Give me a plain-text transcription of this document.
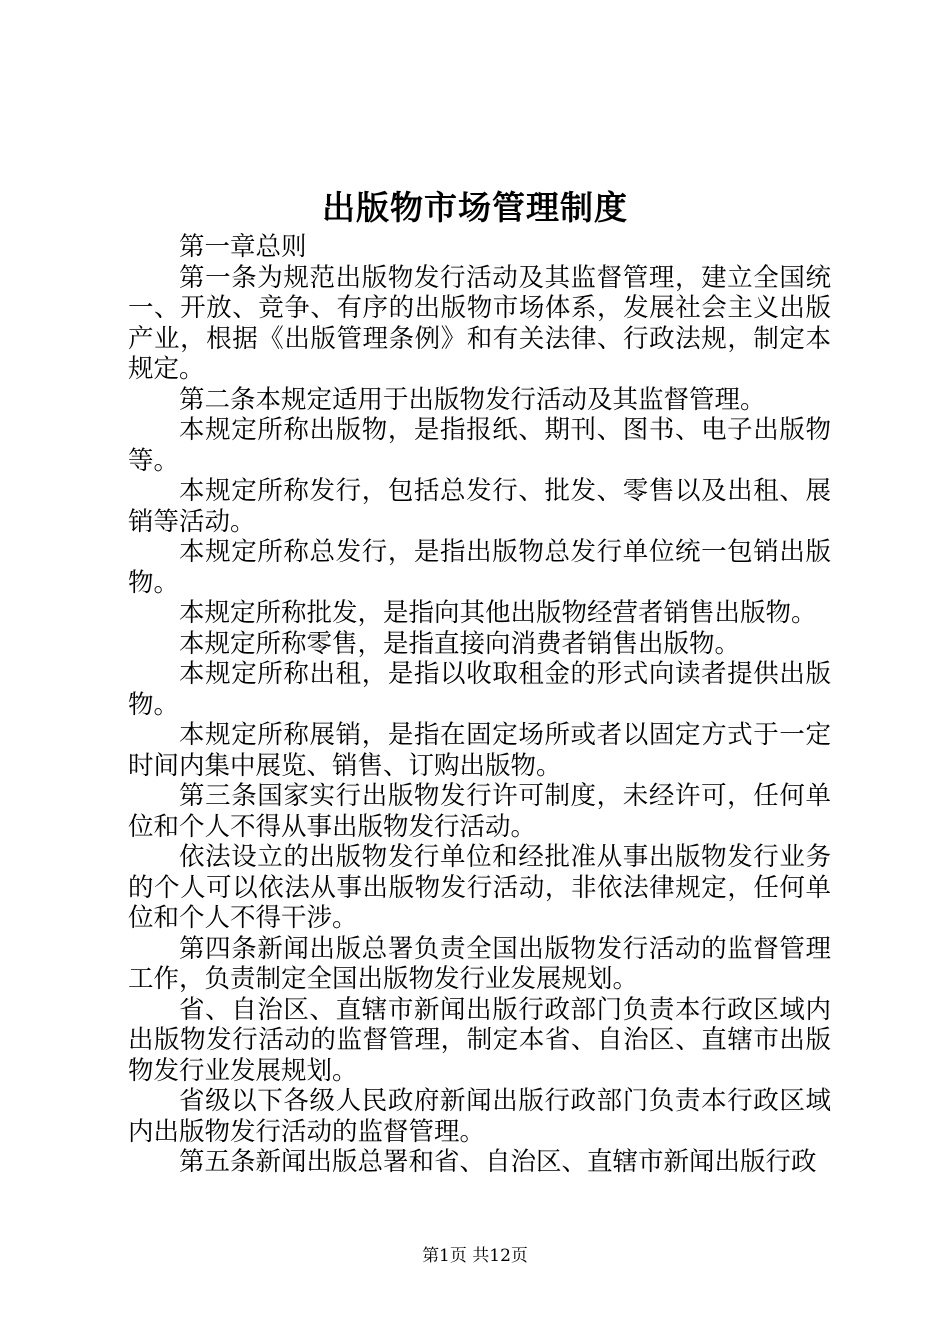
出版物市场管理制度

第一章总则

第一条为规范出版物发行活动及其监督管理，建立全国统一、开放、竞争、有序的出版物市场体系，发展社会主义出版产业，根据《出版管理条例》和有关法律、行政法规，制定本规定。

第二条本规定适用于出版物发行活动及其监督管理。

本规定所称出版物，是指报纸、期刊、图书、电子出版物等。

本规定所称发行，包括总发行、批发、零售以及出租、展销等活动。

本规定所称总发行，是指出版物总发行单位统一包销出版物。

本规定所称批发，是指向其他出版物经营者销售出版物。

本规定所称零售，是指直接向消费者销售出版物。

本规定所称出租，是指以收取租金的形式向读者提供出版物。

本规定所称展销，是指在固定场所或者以固定方式于一定时间内集中展览、销售、订购出版物。

第三条国家实行出版物发行许可制度，未经许可，任何单位和个人不得从事出版物发行活动。

依法设立的出版物发行单位和经批准从事出版物发行业务的个人可以依法从事出版物发行活动，非依法律规定，任何单位和个人不得干涉。

第四条新闻出版总署负责全国出版物发行活动的监督管理工作，负责制定全国出版物发行业发展规划。

省、自治区、直辖市新闻出版行政部门负责本行政区域内出版物发行活动的监督管理，制定本省、自治区、直辖市出版物发行业发展规划。

省级以下各级人民政府新闻出版行政部门负责本行政区域内出版物发行活动的监督管理。

第五条新闻出版总署和省、自治区、直辖市新闻出版行政

第1页 共12页
